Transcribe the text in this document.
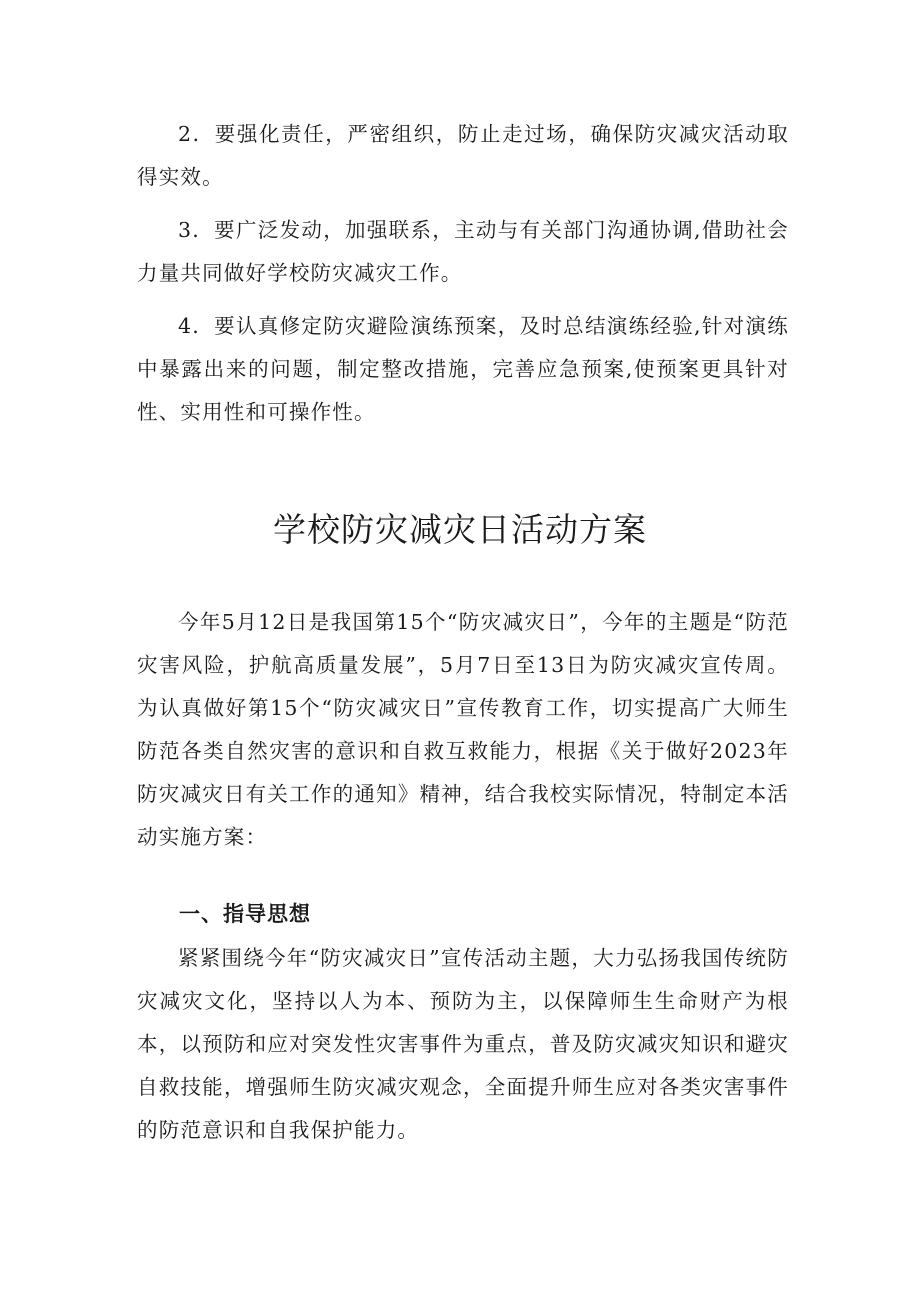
2．要强化责任，严密组织，防止走过场，确保防灾减灾活动取得实效。

3．要广泛发动，加强联系，主动与有关部门沟通协调,借助社会力量共同做好学校防灾减灾工作。

4．要认真修定防灾避险演练预案，及时总结演练经验,针对演练中暴露出来的问题，制定整改措施，完善应急预案,使预案更具针对性、实用性和可操作性。

学校防灾减灾日活动方案

今年5月12日是我国第15个“防灾减灾日”，今年的主题是“防范灾害风险，护航高质量发展”，5月7日至13日为防灾减灾宣传周。为认真做好第15个“防灾减灾日”宣传教育工作，切实提高广大师生防范各类自然灾害的意识和自救互救能力，根据《关于做好2023年防灾减灾日有关工作的通知》精神，结合我校实际情况，特制定本活动实施方案：

一、指导思想

紧紧围绕今年“防灾减灾日”宣传活动主题，大力弘扬我国传统防灾减灾文化，坚持以人为本、预防为主，以保障师生生命财产为根本，以预防和应对突发性灾害事件为重点，普及防灾减灾知识和避灾自救技能，增强师生防灾减灾观念，全面提升师生应对各类灾害事件的防范意识和自我保护能力。
